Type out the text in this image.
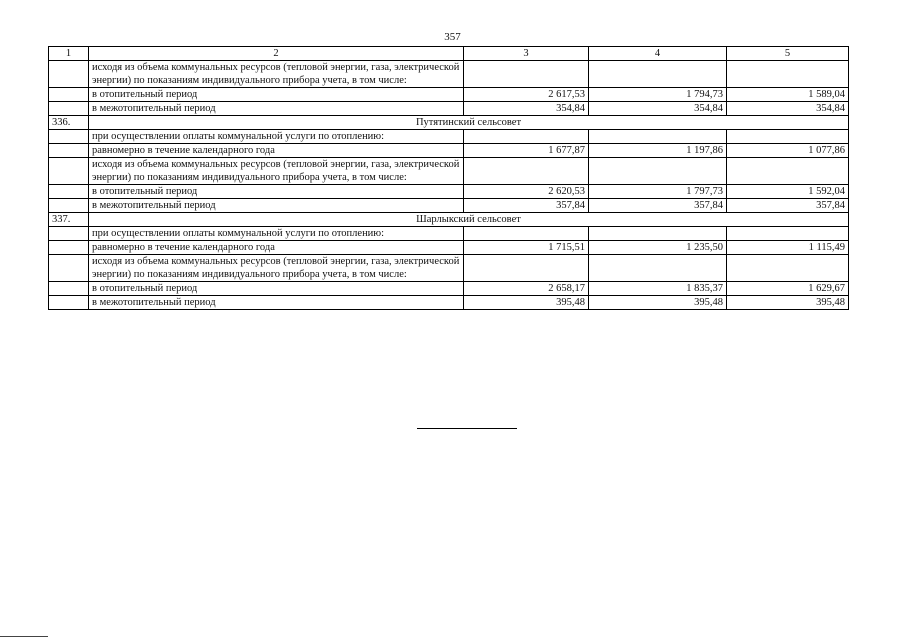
357
1	2	3	4	5
	исходя из объема коммунальных ресурсов (тепловой энергии, газа, электрической энергии) по показаниям индивидуального прибора учета, в том числе:			
	в отопительный период	2 617,53	1 794,73	1 589,04
	в межотопительный период	354,84	354,84	354,84
336.	Путятинский сельсовет			
	при осуществлении оплаты коммунальной услуги по отоплению:			
	равномерно в течение календарного года	1 677,87	1 197,86	1 077,86
	исходя из объема коммунальных ресурсов (тепловой энергии, газа, электрической энергии) по показаниям индивидуального прибора учета, в том числе:			
	в отопительный период	2 620,53	1 797,73	1 592,04
	в межотопительный период	357,84	357,84	357,84
337.	Шарлыкский сельсовет			
	при осуществлении оплаты коммунальной услуги по отоплению:			
	равномерно в течение календарного года	1 715,51	1 235,50	1 115,49
	исходя из объема коммунальных ресурсов (тепловой энергии, газа, электрической энергии) по показаниям индивидуального прибора учета, в том числе:			
	в отопительный период	2 658,17	1 835,37	1 629,67
	в межотопительный период	395,48	395,48	395,48
